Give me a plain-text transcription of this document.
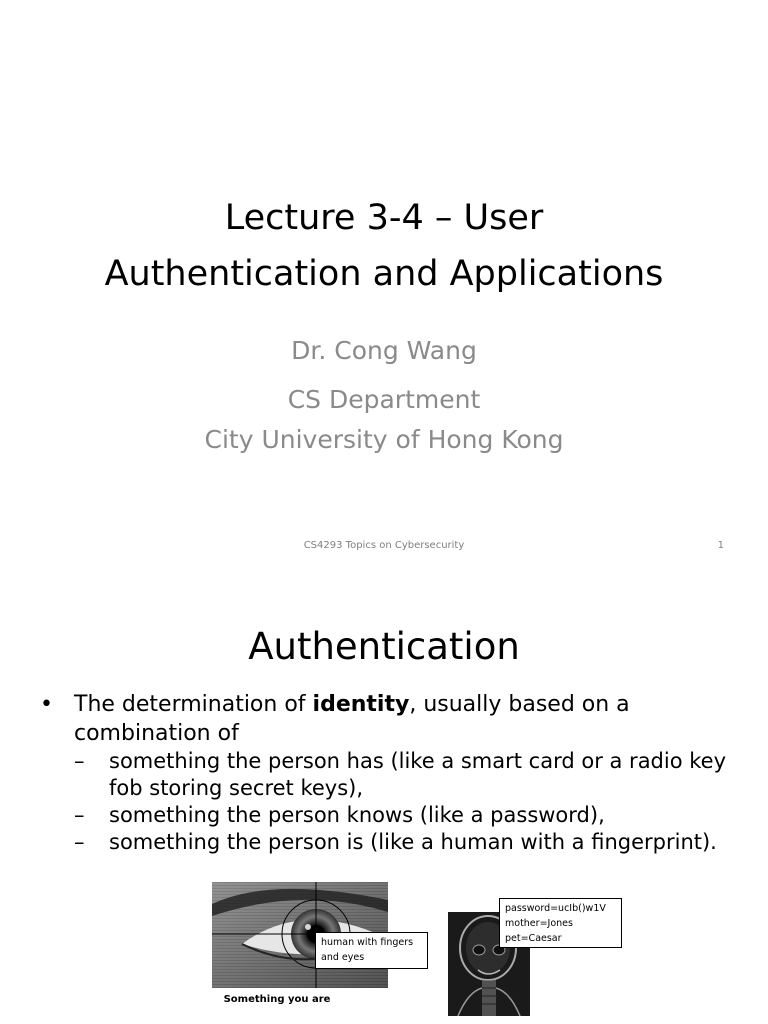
Lecture 3-4 – User
Authentication and Applications
Dr. Cong Wang
CS Department
City University of Hong Kong
CS4293 Topics on Cybersecurity	1
Authentication
• The determination of identity, usually based on a combination of
–	something the person has (like a smart card or a radio key fob storing secret keys),
–	something the person knows (like a password),
–	something the person is (like a human with a fingerprint).
human with fingers and eyes
password=ucIb()w1V
mother=Jones
pet=Caesar
Something you are
